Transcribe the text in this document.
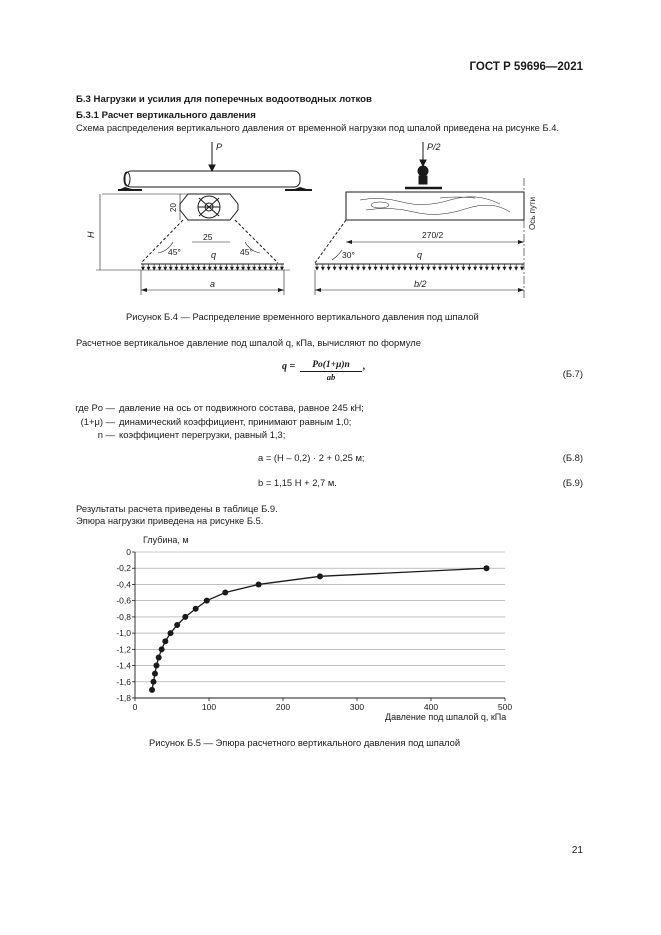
ГОСТ Р 59696—2021
Б.3 Нагрузки и усилия для поперечных водоотводных лотков
Б.3.1 Расчет вертикального давления
Схема распределения вертикального давления от временной нагрузки под шпалой приведена на рисунке Б.4.
P
20
25
45°	45°
q
H
a
P/2
270/2
30°	q
Ось пути
b/2
Рисунок Б.4 — Распределение временного вертикального давления под шпалой
Расчетное вертикальное давление под шпалой q, кПа, вычисляют по формуле
q =	Pо(1+μ)n
ab
,
(Б.7)
где Pо — давление на ось от подвижного состава, равное 245 кН;
(1+μ) — динамический коэффициент, принимают равным 1,0;
n — коэффициент перегрузки, равный 1,3;
a = (H – 0,2) · 2 + 0,25 м;	(Б.8)
b = 1,15 H + 2,7 м.	(Б.9)
Результаты расчета приведены в таблице Б.9.
Эпюра нагрузки приведена на рисунке Б.5.
Глубина, м
Давление под шпалой q, кПа
0
-0,2
-0,4
-0,6
-0,8
-1,0
-1,2
-1,4
-1,6
-1,8
0	100	200	300	400	500
Рисунок Б.5 — Эпюра расчетного вертикального давления под шпалой
21
